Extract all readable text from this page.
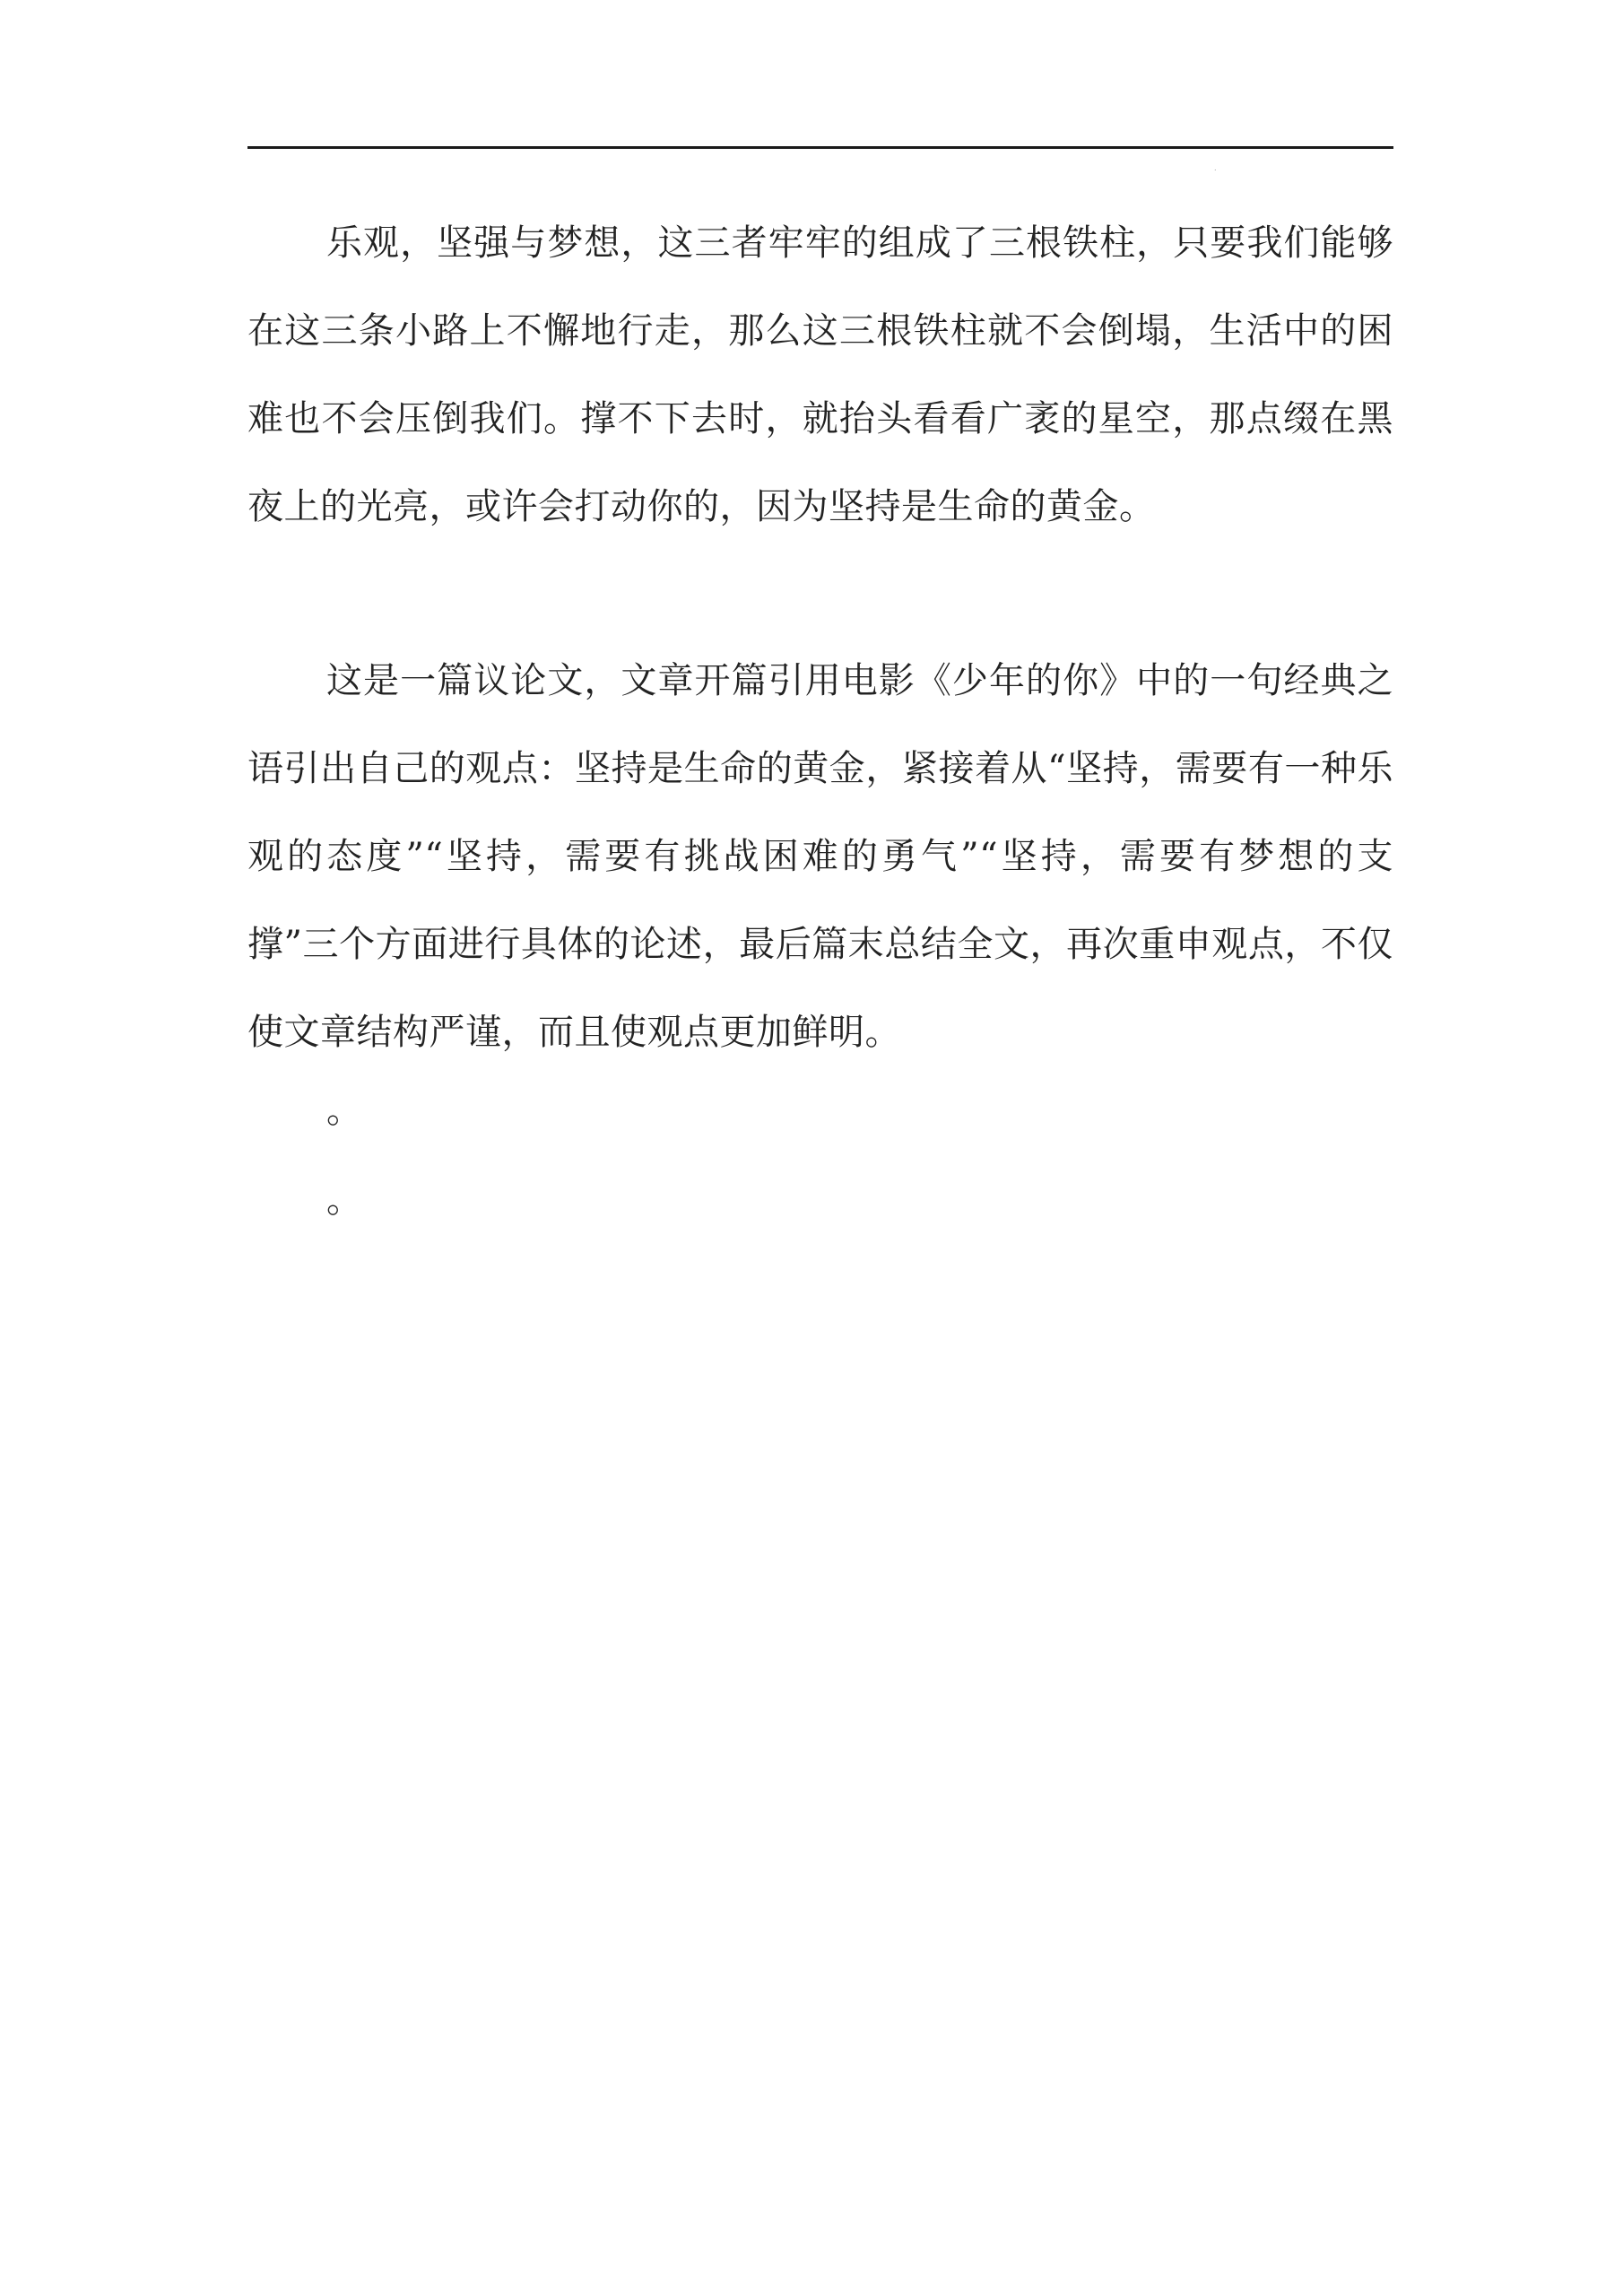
.

乐观，坚强与梦想，这三者牢牢的组成了三根铁柱，只要我们能够在这三条小路上不懈地行走，那么这三根铁柱就不会倒塌，生活中的困难也不会压倒我们。撑不下去时，就抬头看看广袤的星空，那点缀在黑夜上的光亮，或许会打动你的，因为坚持是生命的黄金。

这是一篇议论文，文章开篇引用电影《少年的你》中的一句经典之语引出自己的观点：坚持是生命的黄金，紧接着从“坚持，需要有一种乐观的态度”“坚持，需要有挑战困难的勇气”“坚持，需要有梦想的支撑”三个方面进行具体的论述，最后篇末总结全文，再次重申观点，不仅使文章结构严谨，而且使观点更加鲜明。

。

。
